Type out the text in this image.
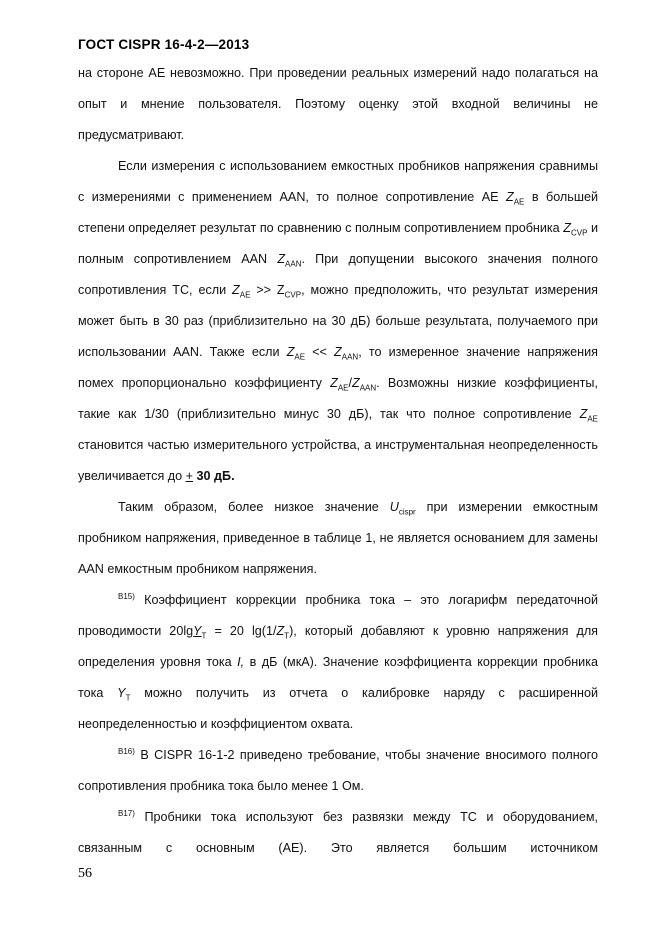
ГОСТ CISPR 16-4-2—2013

на стороне АЕ невозможно. При проведении реальных измерений надо полагаться на опыт и мнение пользователя. Поэтому оценку этой входной величины не предусматривают.

Если измерения с использованием емкостных пробников напряжения сравнимы с измерениями с применением AAN, то полное сопротивление АЕ $Z_{AE}$ в большей степени определяет результат по сравнению с полным сопротивлением пробника $Z_{CVP}$ и полным сопротивлением AAN $Z_{AAN}$. При допущении высокого значения полного сопротивления ТС, если $Z_{AE} >> Z_{CVP}$, можно предположить, что результат измерения может быть в 30 раз (приблизительно на 30 дБ) больше результата, получаемого при использовании AAN. Также если $Z_{AE} << Z_{AAN}$, то измеренное значение напряжения помех пропорционально коэффициенту $Z_{AE}/Z_{AAN}$. Возможны низкие коэффициенты, такие как 1/30 (приблизительно минус 30 дБ), так что полное сопротивление $Z_{AE}$ становится частью измерительного устройства, а инструментальная неопределенность увеличивается до + 30 дБ.

Таким образом, более низкое значение $U_{cispr}$ при измерении емкостным пробником напряжения, приведенное в таблице 1, не является основанием для замены AAN емкостным пробником напряжения.

$^{B15)}$ Коэффициент коррекции пробника тока – это логарифм передаточной проводимости 20lgY$_T$ = 20 $\lg(1/Z_T)$, который добавляют к уровню напряжения для определения уровня тока I, в дБ (мкА). Значение коэффициента коррекции пробника тока $Y_T$ можно получить из отчета о калибровке наряду с расширенной неопределенностью и коэффициентом охвата.

$^{B16)}$ В CISPR 16-1-2 приведено требование, чтобы значение вносимого полного сопротивления пробника тока было менее 1 Ом.

$^{B17)}$ Пробники тока используют без развязки между ТС и оборудованием, связанным с основным (АЕ). Это является большим источником

56
